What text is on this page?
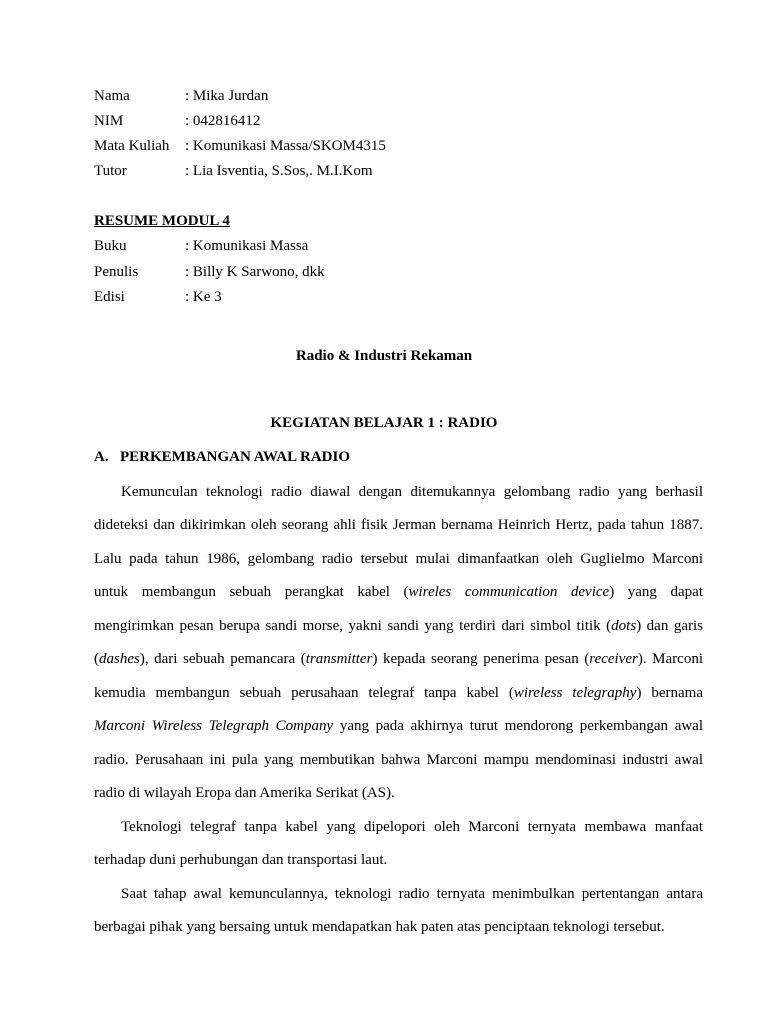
Nama	: Mika Jurdan
NIM	: 042816412
Mata Kuliah : Komunikasi Massa/SKOM4315
Tutor	: Lia Isventia, S.Sos,. M.I.Kom
RESUME MODUL 4
Buku	: Komunikasi Massa
Penulis	: Billy K Sarwono, dkk
Edisi	: Ke 3
Radio & Industri Rekaman
KEGIATAN BELAJAR 1 : RADIO
A. PERKEMBANGAN AWAL RADIO
Kemunculan teknologi radio diawal dengan ditemukannya gelombang radio yang berhasil
dideteksi dan dikirimkan oleh seorang ahli fisik Jerman bernama Heinrich Hertz, pada tahun 1887.
Lalu pada tahun 1986, gelombang radio tersebut mulai dimanfaatkan oleh Guglielmo Marconi
untuk membangun sebuah perangkat kabel (wireles communication device) yang dapat
mengirimkan pesan berupa sandi morse, yakni sandi yang terdiri dari simbol titik (dots) dan garis
(dashes), dari sebuah pemancara (transmitter) kepada seorang penerima pesan (receiver). Marconi
kemudia membangun sebuah perusahaan telegraf tanpa kabel (wireless telegraphy) bernama
Marconi Wireless Telegraph Company yang pada akhirnya turut mendorong perkembangan awal
radio. Perusahaan ini pula yang membutikan bahwa Marconi mampu mendominasi industri awal
radio di wilayah Eropa dan Amerika Serikat (AS).
Teknologi telegraf tanpa kabel yang dipelopori oleh Marconi ternyata membawa manfaat
terhadap duni perhubungan dan transportasi laut.
Saat tahap awal kemunculannya, teknologi radio ternyata menimbulkan pertentangan antara
berbagai pihak yang bersaing untuk mendapatkan hak paten atas penciptaan teknologi tersebut.
